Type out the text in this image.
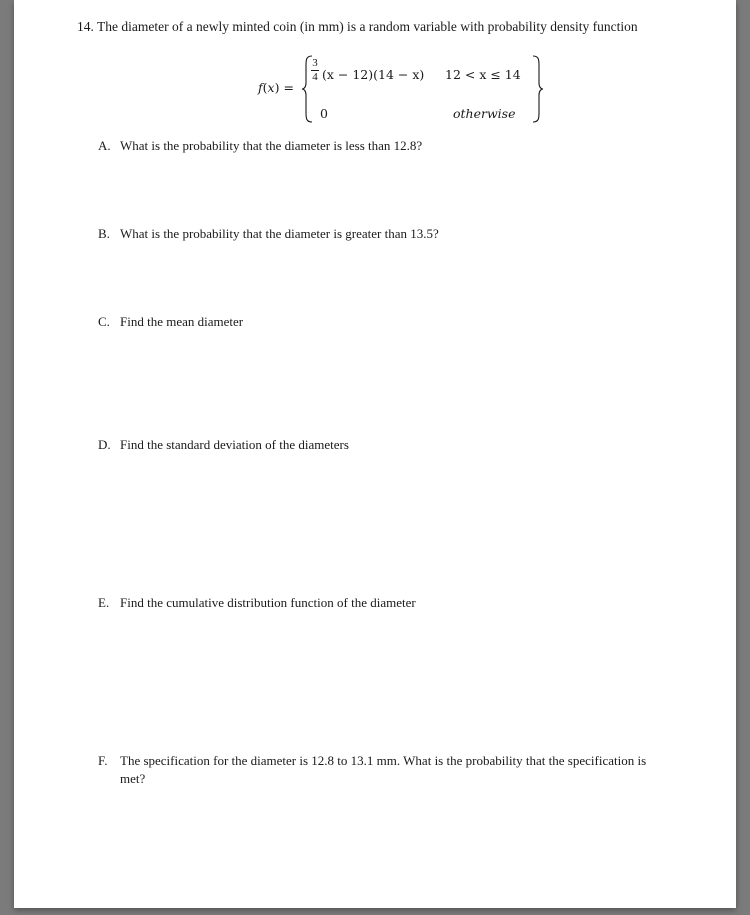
14. The diameter of a newly minted coin (in mm) is a random variable with probability density function
f(x) =
3
4 (x − 12)(14 − x) 12 < x ≤ 14
0	otherwise
A. What is the probability that the diameter is less than 12.8?
B. What is the probability that the diameter is greater than 13.5?
C. Find the mean diameter
D. Find the standard deviation of the diameters
E. Find the cumulative distribution function of the diameter
F. The specification for the diameter is 12.8 to 13.1 mm. What is the probability that the specification is
met?
